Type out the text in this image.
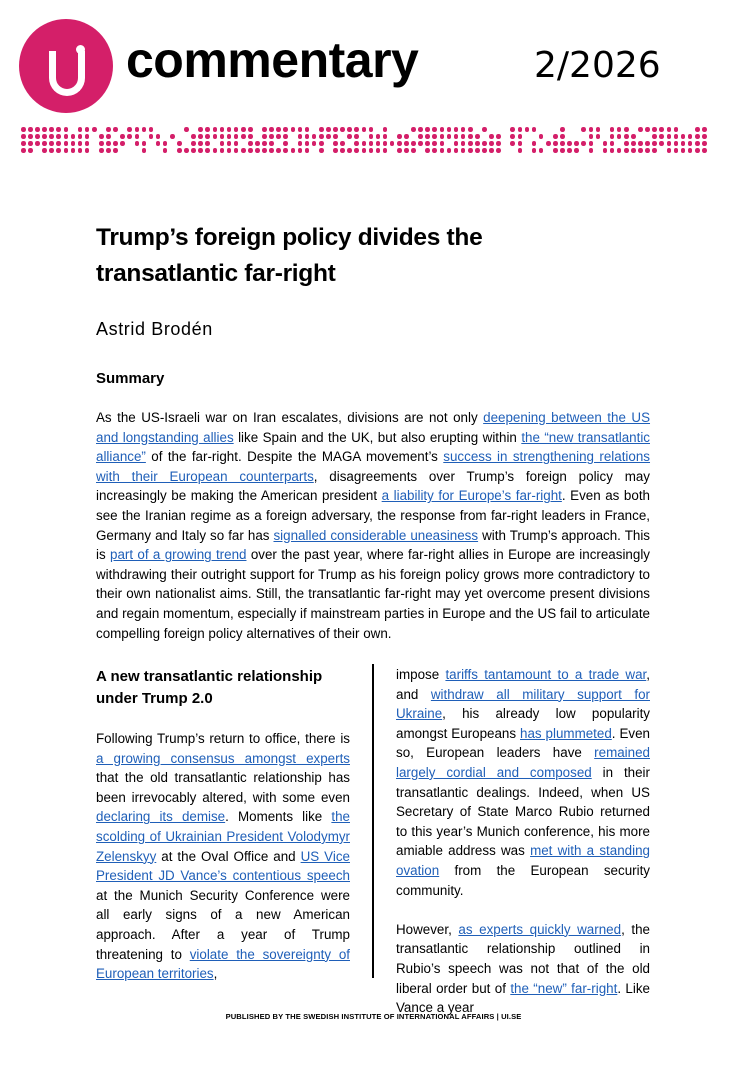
commentary	2/2026
Trump’s foreign policy divides the
transatlantic far-right
Astrid Brodén
Summary
As the US-Israeli war on Iran escalates, divisions are not only deepening between the US and longstanding allies like Spain and the UK, but also erupting within the “new transatlantic alliance” of the far-right. Despite the MAGA movement’s success in strengthening relations with their European counterparts, disagreements over Trump’s foreign policy may increasingly be making the American president a liability for Europe’s far-right. Even as both see the Iranian regime as a foreign adversary, the response from far-right leaders in France, Germany and Italy so far has signalled considerable uneasiness with Trump’s approach. This is part of a growing trend over the past year, where far-right allies in Europe are increasingly withdrawing their outright support for Trump as his foreign policy grows more contradictory to their own nationalist aims. Still, the transatlantic far-right may yet overcome present divisions and regain momentum, especially if mainstream parties in Europe and the US fail to articulate compelling foreign policy alternatives of their own.
A new transatlantic relationship under Trump 2.0

Following Trump’s return to office, there is a growing consensus amongst experts that the old transatlantic relationship has been irrevocably altered, with some even declaring its demise. Moments like the scolding of Ukrainian President Volodymyr Zelenskyy at the Oval Office and US Vice President JD Vance’s contentious speech at the Munich Security Conference were all early signs of a new American approach. After a year of Trump threatening to violate the sovereignty of European territories,

impose tariffs tantamount to a trade war, and withdraw all military support for Ukraine, his already low popularity amongst Europeans has plummeted. Even so, European leaders have remained largely cordial and composed in their transatlantic dealings. Indeed, when US Secretary of State Marco Rubio returned to this year’s Munich conference, his more amiable address was met with a standing ovation from the European security community.

However, as experts quickly warned, the transatlantic relationship outlined in Rubio’s speech was not that of the old liberal order but of the “new” far-right. Like Vance a year

PUBLISHED BY THE SWEDISH INSTITUTE OF INTERNATIONAL AFFAIRS | UI.SE
